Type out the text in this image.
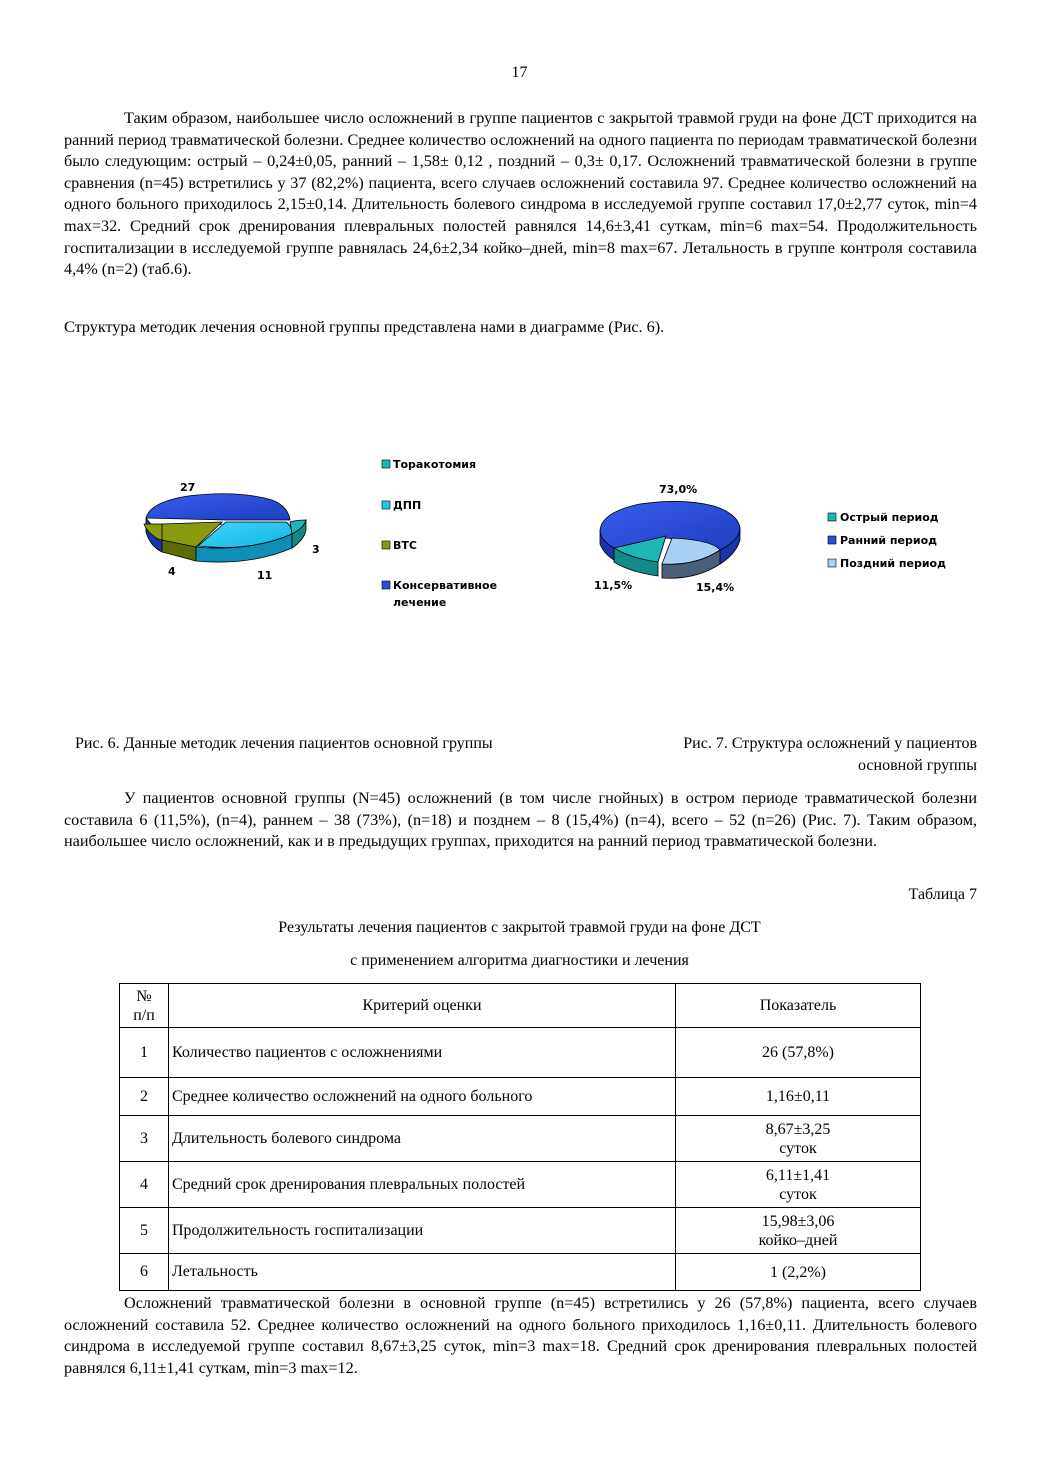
17

Таким образом, наибольшее число осложнений в группе пациентов с закрытой травмой груди на фоне ДСТ приходится на ранний период травматической болезни. Среднее количество осложнений на одного пациента по периодам травматической болезни было следующим: острый – 0,24±0,05, ранний – 1,58± 0,12 , поздний – 0,3± 0,17. Осложнений травматической болезни в группе сравнения (n=45) встретились у 37 (82,2%) пациента, всего случаев осложнений составила 97. Среднее количество осложнений на одного больного приходилось 2,15±0,14. Длительность болевого синдрома в исследуемой группе составил 17,0±2,77 суток, min=4 max=32. Средний срок дренирования плевральных полостей равнялся 14,6±3,41 суткам, min=6 max=54. Продолжительность госпитализации в исследуемой группе равнялась 24,6±2,34 койко–дней, min=8 max=67. Летальность в группе контроля составила 4,4% (n=2) (таб.6).

Структура методик лечения основной группы представлена нами в диаграмме (Рис. 6).

27
3
11
4
Торакотомия
ДПП
ВТС
Консервативное
лечение
73,0%
11,5%	15,4%
Острый период
Ранний период
Поздний период
Рис. 6. Данные методик лечения пациентов основной группы	Рис. 7. Структура осложнений у пациентов
основной группы

У пациентов основной группы (N=45) осложнений (в том числе гнойных) в остром периоде травматической болезни составила 6 (11,5%), (n=4), раннем – 38 (73%), (n=18) и позднем – 8 (15,4%) (n=4), всего – 52 (n=26) (Рис. 7). Таким образом, наибольшее число осложнений, как и в предыдущих группах, приходится на ранний период травматической болезни.

Таблица 7
Результаты лечения пациентов с закрытой травмой груди на фоне ДСТ
с применением алгоритма диагностики и лечения
№
п/п	Критерий оценки	Показатель
1	Количество пациентов с осложнениями	26 (57,8%)
2	Среднее количество осложнений на одного больного	1,16±0,11
3	Длительность болевого синдрома	8,67±3,25
суток
4	Средний срок дренирования плевральных полостей	6,11±1,41
суток
5	Продолжительность госпитализации	15,98±3,06
койко–дней
6	Летальность	1 (2,2%)

Осложнений травматической болезни в основной группе (n=45) встретились у 26 (57,8%) пациента, всего случаев осложнений составила 52. Среднее количество осложнений на одного больного приходилось 1,16±0,11. Длительность болевого синдрома в исследуемой группе составил 8,67±3,25 суток, min=3 max=18. Средний срок дренирования плевральных полостей равнялся 6,11±1,41 суткам, min=3 max=12.
